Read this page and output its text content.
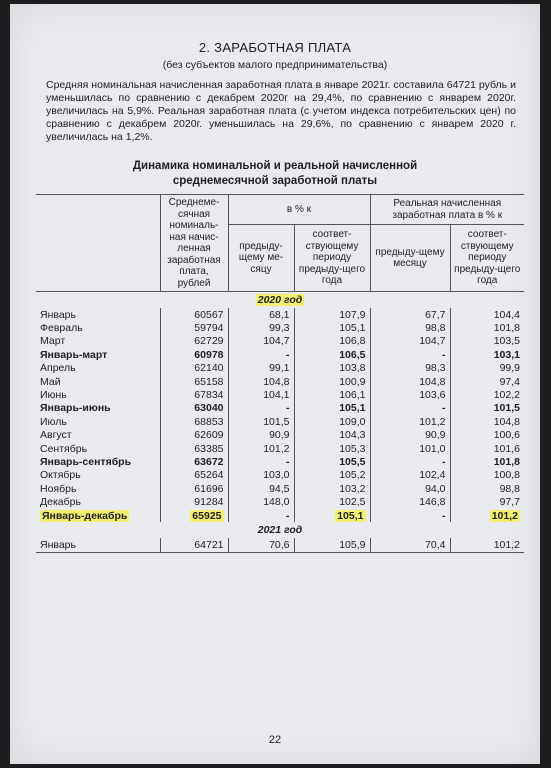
2. ЗАРАБОТНАЯ ПЛАТА
(без субъектов малого предпринимательства)
Средняя номинальная начисленная заработная плата в январе 2021г. составила 64721 рубль и уменьшилась по сравнению с декабрем 2020г на 29,4%, по сравнению с январем 2020г. увеличилась на 5,9%. Реальная заработная плата (с учетом индекса потребительских цен) по сравнению с декабрем 2020г. уменьшилась на 29,6%, по сравнению с январем 2020 г. увеличилась на 1,2%.
Динамика номинальной и реальной начисленной
среднемесячной заработной платы
	Среднеме-сячная номиналь-ная начис-ленная заработная плата, рублей	в % к		Реальная начисленная заработная плата в % к	
		предыду-щему ме-сяцу	соответ-ствующему периоду предыду-щего года	предыду-щему месяцу	соответ-ствующему периоду предыду-щего года
2020 год					
Январь	60567	68,1	107,9	67,7	104,4
Февраль	59794	99,3	105,1	98,8	101,8
Март	62729	104,7	106,8	104,7	103,5
Январь-март	60978	-	106,5	-	103,1
Апрель	62140	99,1	103,8	98,3	99,9
Май	65158	104,8	100,9	104,8	97,4
Июнь	67834	104,1	106,1	103,6	102,2
Январь-июнь	63040	-	105,1	-	101,5
Июль	68853	101,5	109,0	101,2	104,8
Август	62609	90,9	104,3	90,9	100,6
Сентябрь	63385	101,2	105,3	101,0	101,6
Январь-сентябрь	63672	-	105,5	-	101,8
Октябрь	65264	103,0	105,2	102,4	100,8
Ноябрь	61696	94,5	103,2	94,0	98,8
Декабрь	91284	148,0	102,5	146,8	97,7
Январь-декабрь	65925	-	105,1	-	101,2
2021 год					
Январь	64721	70,6	105,9	70,4	101,2
22
